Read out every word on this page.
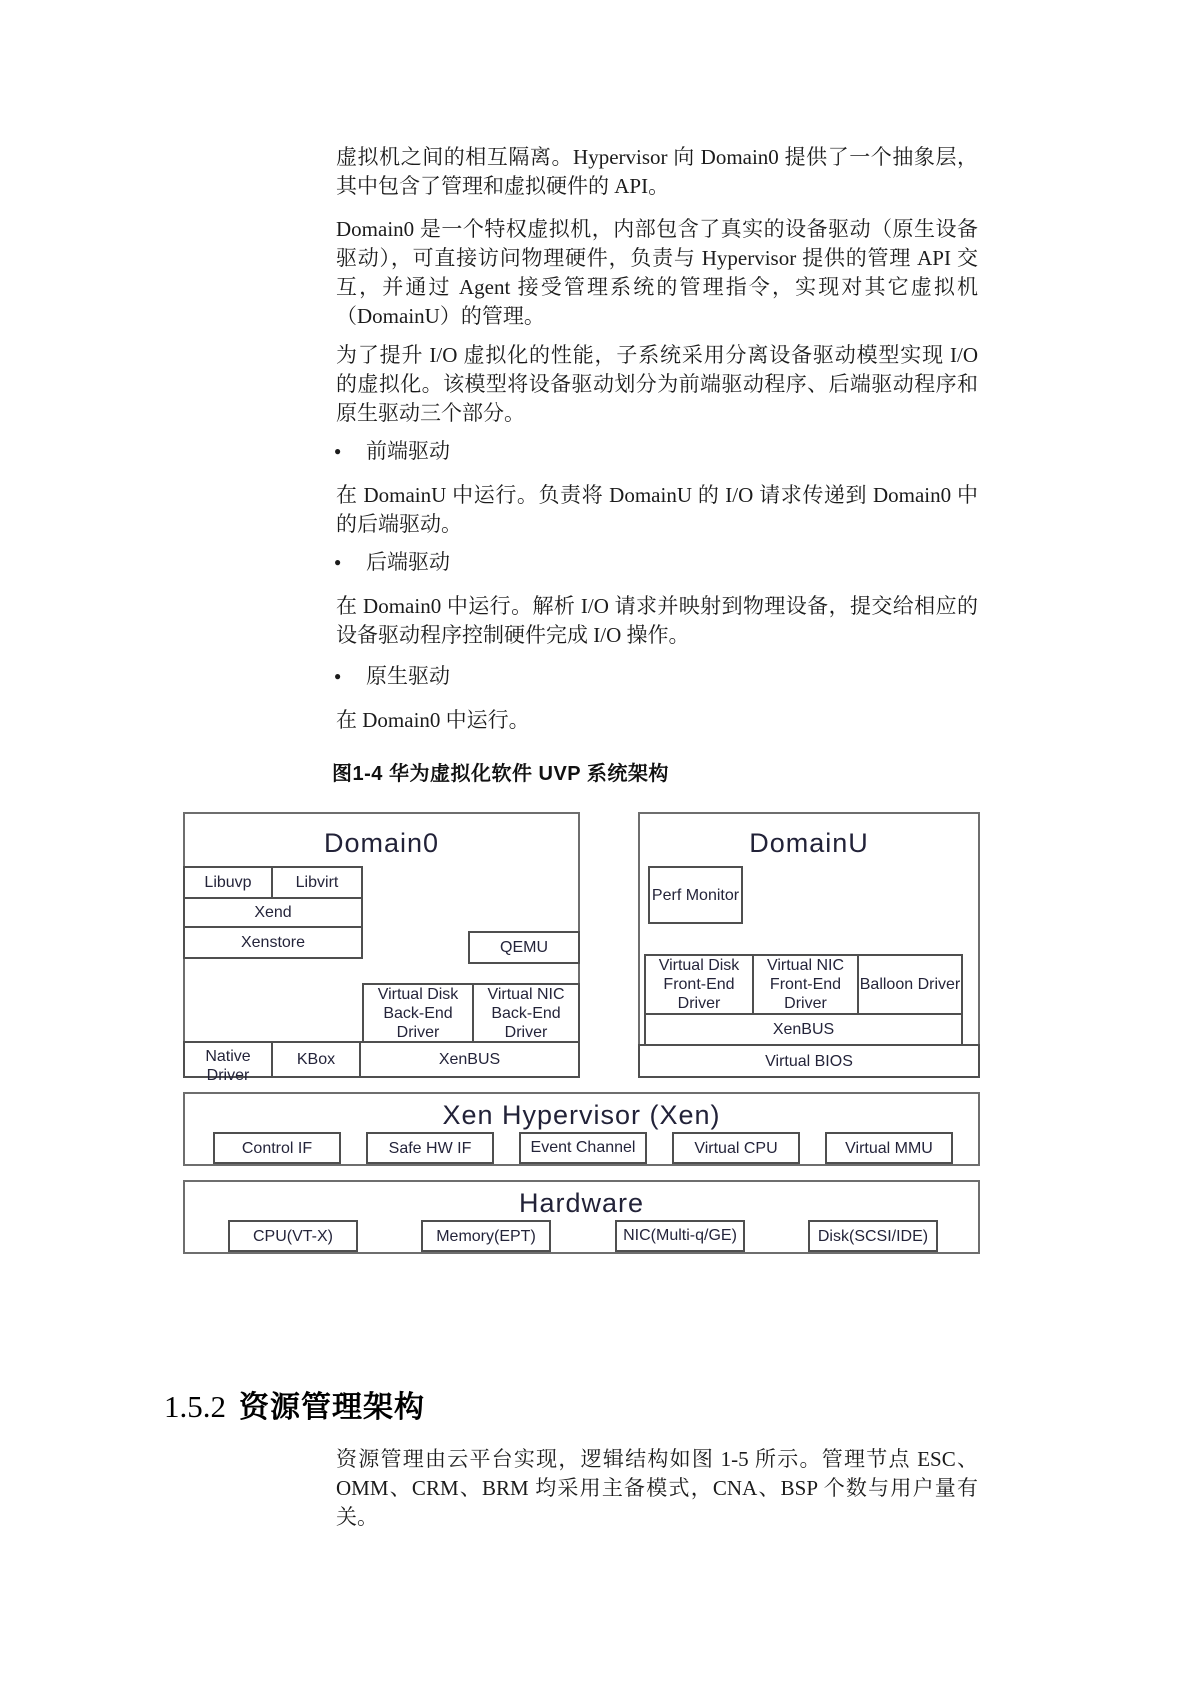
虚拟机之间的相互隔离。Hypervisor 向 Domain0 提供了一个抽象层，其中包含了管理和虚拟硬件的 API。

Domain0 是一个特权虚拟机，内部包含了真实的设备驱动（原生设备驱动），可直接访问物理硬件，负责与 Hypervisor 提供的管理 API 交互，并通过 Agent 接受管理系统的管理指令，实现对其它虚拟机（DomainU）的管理。

为了提升 I/O 虚拟化的性能，子系统采用分离设备驱动模型实现 I/O 的虚拟化。该模型将设备驱动划分为前端驱动程序、后端驱动程序和原生驱动三个部分。

●	前端驱动

在 DomainU 中运行。负责将 DomainU 的 I/O 请求传递到 Domain0 中的后端驱动。

●	后端驱动

在 Domain0 中运行。解析 I/O 请求并映射到物理设备，提交给相应的设备驱动程序控制硬件完成 I/O 操作。

●	原生驱动

在 Domain0 中运行。

图1-4 华为虚拟化软件 UVP 系统架构
Domain0
Libuvp	Libvirt
Xend
Xenstore	QEMU
Virtual Disk Back-End Driver
Virtual NIC Back-End Driver
Native Driver
KBox	XenBUS
DomainU
Perf Monitor
Virtual Disk Front-End Driver
Virtual NIC Front-End Driver
Balloon Driver
XenBUS
Virtual BIOS
Xen Hypervisor (Xen)
Control IF	Safe HW IF	Event Channel	Virtual CPU	Virtual MMU
Hardware
CPU(VT-X)	Memory(EPT)	NIC(Multi-q/GE)	Disk(SCSI/IDE)
1.5.2 资源管理架构

资源管理由云平台实现，逻辑结构如图 1-5 所示。管理节点 ESC、OMM、CRM、BRM 均采用主备模式，CNA、BSP 个数与用户量有关。
